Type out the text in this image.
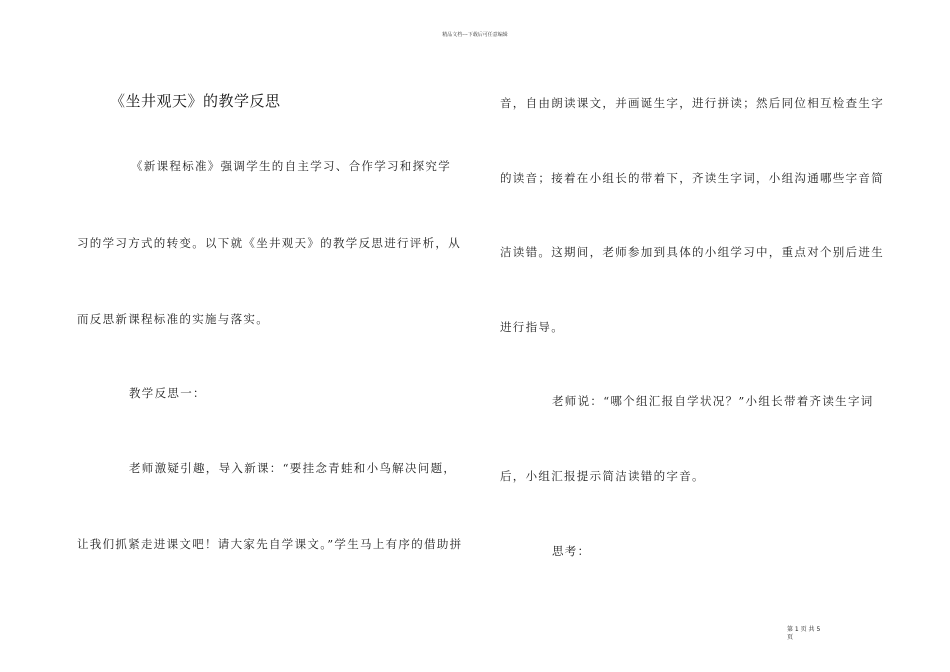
精品文档---下载后可任意编辑
《坐井观天》的教学反思
《新课程标准》强调学生的自主学习、合作学习和探究学
习的学习方式的转变。以下就《坐井观天》的教学反思进行评析，从
而反思新课程标准的实施与落实。
教学反思一：
老师激疑引趣，导入新课：“要挂念青蛙和小鸟解决问题，
让我们抓紧走进课文吧！请大家先自学课文。”学生马上有序的借助拼
音，自由朗读课文，并画诞生字，进行拼读；然后同位相互检查生字
的读音；接着在小组长的带着下，齐读生字词，小组沟通哪些字音简
洁读错。这期间，老师参加到具体的小组学习中，重点对个别后进生
进行指导。
老师说：“哪个组汇报自学状况？”小组长带着齐读生字词
后，小组汇报提示简洁读错的字音。
思考：
第 1 页 共 5
页
